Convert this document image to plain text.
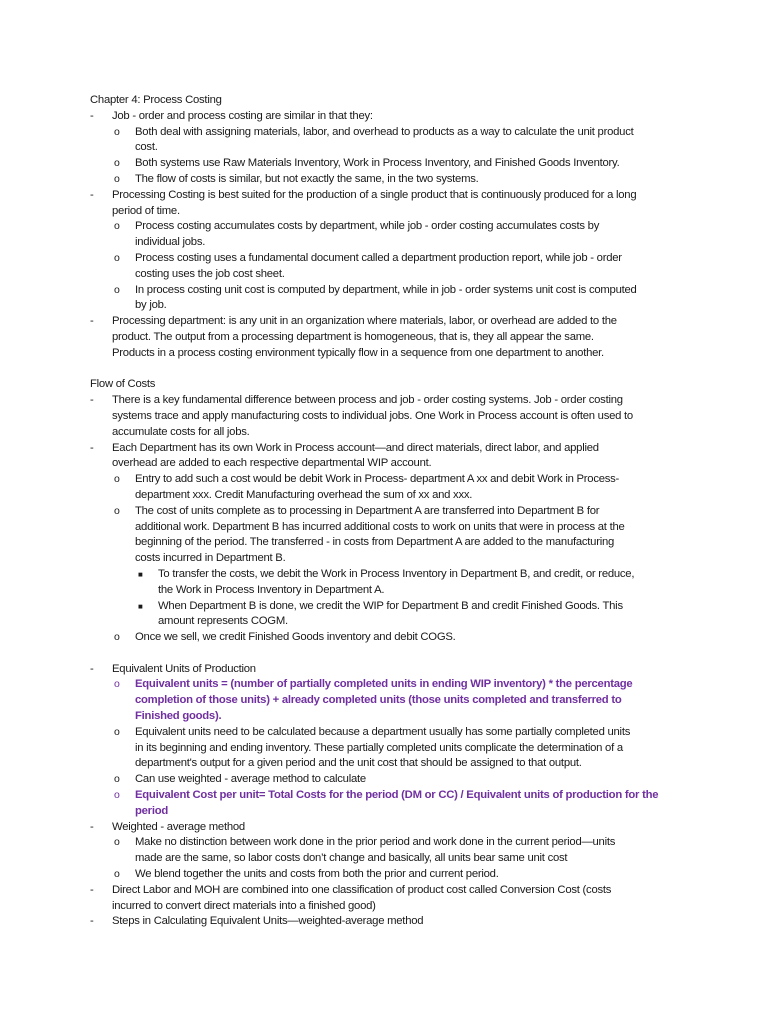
Chapter 4: Process Costing
- Job - order and process costing are similar in that they:
o Both deal with assigning materials, labor, and overhead to products as a way to calculate the unit product
cost.
o Both systems use Raw Materials Inventory, Work in Process Inventory, and Finished Goods Inventory.
o The flow of costs is similar, but not exactly the same, in the two systems.
- Processing Costing is best suited for the production of a single product that is continuously produced for a long
period of time.
o Process costing accumulates costs by department, while job - order costing accumulates costs by
individual jobs.
o Process costing uses a fundamental document called a department production report, while job - order
costing uses the job cost sheet.
o In process costing unit cost is computed by department, while in job - order systems unit cost is computed
by job.
- Processing department: is any unit in an organization where materials, labor, or overhead are added to the
product. The output from a processing department is homogeneous, that is, they all appear the same.
Products in a process costing environment typically flow in a sequence from one department to another.
Flow of Costs
- There is a key fundamental difference between process and job - order costing systems. Job - order costing
systems trace and apply manufacturing costs to individual jobs. One Work in Process account is often used to
accumulate costs for all jobs.
- Each Department has its own Work in Process account—and direct materials, direct labor, and applied
overhead are added to each respective departmental WIP account.
o Entry to add such a cost would be debit Work in Process- department A xx and debit Work in Process-
department xxx. Credit Manufacturing overhead the sum of xx and xxx.
o The cost of units complete as to processing in Department A are transferred into Department B for
additional work. Department B has incurred additional costs to work on units that were in process at the
beginning of the period. The transferred - in costs from Department A are added to the manufacturing
costs incurred in Department B.
■ To transfer the costs, we debit the Work in Process Inventory in Department B, and credit, or reduce,
the Work in Process Inventory in Department A.
■ When Department B is done, we credit the WIP for Department B and credit Finished Goods. This
amount represents COGM.
o Once we sell, we credit Finished Goods inventory and debit COGS.
- Equivalent Units of Production
o Equivalent units = (number of partially completed units in ending WIP inventory) * the percentage
completion of those units) + already completed units (those units completed and transferred to
Finished goods).
o Equivalent units need to be calculated because a department usually has some partially completed units
in its beginning and ending inventory. These partially completed units complicate the determination of a
department's output for a given period and the unit cost that should be assigned to that output.
o Can use weighted - average method to calculate
o Equivalent Cost per unit= Total Costs for the period (DM or CC) / Equivalent units of production for the
period
- Weighted - average method
o Make no distinction between work done in the prior period and work done in the current period—units
made are the same, so labor costs don’t change and basically, all units bear same unit cost
o We blend together the units and costs from both the prior and current period.
- Direct Labor and MOH are combined into one classification of product cost called Conversion Cost (costs
incurred to convert direct materials into a finished good)
- Steps in Calculating Equivalent Units—weighted-average method
